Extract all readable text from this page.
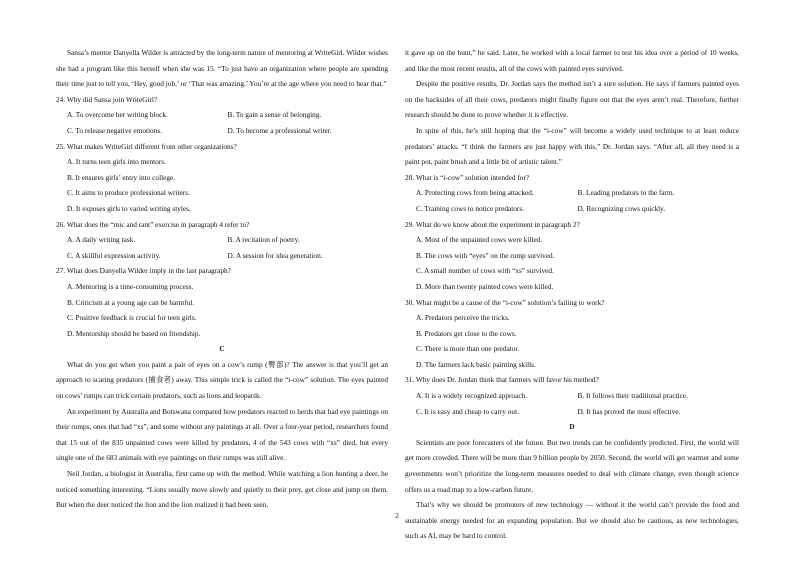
Sansa’s mentor Danyella Wilder is attracted by the long-term nature of mentoring at WriteGirl. Wilder wishes she had a program like this herself when she was 15. “To just have an organization where people are spending their time just to tell you, ‘Hey, good job,’ or ‘That was amazing.’ You’re at the age where you need to hear that.”

24. Why did Sansa join WriteGirl?
A. To overcome her writing block.	B. To gain a sense of belonging.
C. To release negative emotions.	D. To become a professional writer.
25. What makes WriteGirl different from other organizations?
A. It turns teen girls into mentors.
B. It ensures girls’ entry into college.
C. It aims to produce professional writers.
D. It exposes girls to varied writing styles.
26. What does the “mic and rant” exercise in paragraph 4 refer to?
A. A daily writing task.	B. A recitation of poetry.
C. A skillful expression activity.	D. A session for idea generation.
27. What does Danyella Wilder imply in the last paragraph?
A. Mentoring is a time-consuming process.
B. Criticism at a young age can be harmful.
C. Positive feedback is crucial for teen girls.
D. Mentorship should be based on friendship.
C

What do you get when you paint a pair of eyes on a cow’s rump (臀部)? The answer is that you’ll get an approach to scaring predators (捕食者) away. This simple trick is called the “i-cow” solution. The eyes painted on cows’ rumps can trick certain predators, such as lions and leopards.

An experiment by Australia and Botswana compared how predators reacted to herds that had eye paintings on their rumps, ones that had “xs”, and some without any paintings at all. Over a four-year period, researchers found that 15 out of the 835 unpainted cows were killed by predators, 4 of the 543 cows with “xs” died, but every single one of the 683 animals with eye paintings on their rumps was still alive.

Neil Jordan, a biologist in Australia, first came up with the method. While watching a lion hunting a deer, he noticed something interesting. “Lions usually move slowly and quietly to their prey, get close and jump on them. But when the deer noticed the lion and the lion realized it had been seen,

it gave up on the hunt,” he said. Later, he worked with a local farmer to test his idea over a period of 10 weeks, and like the most recent results, all of the cows with painted eyes survived.

Despite the positive results, Dr. Jordan says the method isn’t a sure solution. He says if farmers painted eyes on the backsides of all their cows, predators might finally figure out that the eyes aren’t real. Therefore, further research should be done to prove whether it is effective.

In spite of this, he’s still hoping that the “i-cow” will become a widely used technique to at least reduce predators’ attacks. “I think the farmers are just happy with this,” Dr. Jordan says. “After all, all they need is a paint pot, paint brush and a little bit of artistic talent.”

28. What is “i-cow” solution intended for?
A. Protecting cows from being attacked.	B. Leading predators to the farm.
C. Training cows to notice predators.	D. Recognizing cows quickly.
29. What do we know about the experiment in paragraph 2?
A. Most of the unpainted cows were killed.
B. The cows with “eyes” on the rump survived.
C. A small number of cows with “xs” survived.
D. More than twenty painted cows were killed.
30. What might be a cause of the “i-cow” solution’s failing to work?
A. Predators perceive the tricks.
B. Predators get close to the cows.
C. There is more than one predator.
D. The farmers lack basic painting skills.
31. Why does Dr. Jordan think that farmers will favor his method?
A. It is a widely recognized approach.	B. It follows their traditional practice.
C. It is easy and cheap to carry out.	D. It has proved the most effective.
D

Scientists are poor forecasters of the future. But two trends can be confidently predicted. First, the world will get more crowded. There will be more than 9 billion people by 2050. Second, the world will get warmer and some governments won’t prioritize the long-term measures needed to deal with climate change, even though science offers us a road map to a low-carbon future.

That’s why we should be promoters of new technology — without it the world can’t provide the food and sustainable energy needed for an expanding population. But we should also be cautious, as new technologies, such as AI, may be hard to control.

2
